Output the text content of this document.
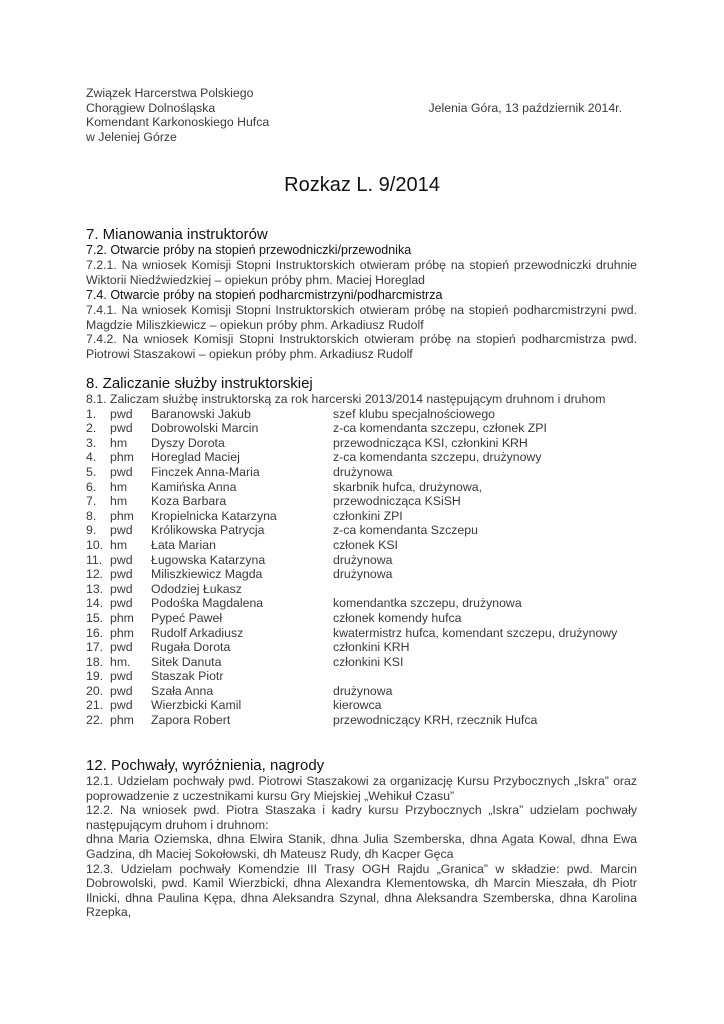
Związek Harcerstwa Polskiego
Chorągiew Dolnośląska
Komendant Karkonoskiego Hufca
w Jeleniej Górze
Jelenia Góra, 13 październik 2014r.
Rozkaz L. 9/2014
7. Mianowania instruktorów
7.2. Otwarcie próby na stopień przewodniczki/przewodnika

7.2.1. Na wniosek Komisji Stopni Instruktorskich otwieram próbę na stopień przewodniczki druhnie Wiktorii Niedźwiedzkiej – opiekun próby phm. Maciej Horeglad

7.4. Otwarcie próby na stopień podharcmistrzyni/podharcmistrza

7.4.1. Na wniosek Komisji Stopni Instruktorskich otwieram próbę na stopień podharcmistrzyni pwd. Magdzie Miliszkiewicz – opiekun próby phm. Arkadiusz Rudolf

7.4.2. Na wniosek Komisji Stopni Instruktorskich otwieram próbę na stopień podharcmistrza pwd. Piotrowi Staszakowi – opiekun próby phm. Arkadiusz Rudolf

8. Zaliczanie służby instruktorskiej

8.1. Zaliczam służbę instruktorską za rok harcerski 2013/2014 następującym druhnom i druhom

1.	pwd	Baranowski Jakub	szef klubu specjalnościowego
2.	pwd	Dobrowolski Marcin	z-ca komendanta szczepu, członek ZPI
3.	hm	Dyszy Dorota	przewodnicząca KSI, członkini KRH
4.	phm	Horeglad Maciej	z-ca komendanta szczepu, drużynowy
5.	pwd	Finczek Anna-Maria	drużynowa
6.	hm	Kamińska Anna	skarbnik hufca, drużynowa,
7.	hm	Koza Barbara	przewodnicząca KSiSH
8.	phm	Kropielnicka Katarzyna	członkini ZPI
9.	pwd	Królikowska Patrycja	z-ca komendanta Szczepu
10. hm	Łata Marian	członek KSI
11. pwd	Ługowska Katarzyna	drużynowa
12. pwd	Miliszkiewicz Magda	drużynowa
13. pwd	Ododziej Łukasz
14. pwd	Podośka Magdalena	komendantka szczepu, drużynowa
15. phm	Pypeć Paweł	członek komendy hufca
16. phm	Rudolf Arkadiusz	kwatermistrz hufca, komendant szczepu, drużynowy
17. pwd	Rugała Dorota	członkini KRH
18. hm.	Sitek Danuta	członkini KSI
19. pwd	Staszak Piotr
20. pwd	Szała Anna	drużynowa
21. pwd	Wierzbicki Kamil	kierowca
22. phm	Zapora Robert	przewodniczący KRH, rzecznik Hufca
12. Pochwały, wyróżnienia, nagrody

12.1. Udzielam pochwały pwd. Piotrowi Staszakowi za organizację Kursu Przybocznych „Iskra” oraz poprowadzenie z uczestnikami kursu Gry Miejskiej „Wehikuł Czasu”

12.2. Na wniosek pwd. Piotra Staszaka i kadry kursu Przybocznych „Iskra” udzielam pochwały następującym druhom i druhnom:

dhna Maria Oziemska, dhna Elwira Stanik, dhna Julia Szemberska, dhna Agata Kowal, dhna Ewa Gadzina, dh Maciej Sokołowski, dh Mateusz Rudy, dh Kacper Gęca

12.3. Udzielam pochwały Komendzie III Trasy OGH Rajdu „Granica” w składzie: pwd. Marcin Dobrowolski, pwd. Kamil Wierzbicki, dhna Alexandra Klementowska, dh Marcin Mieszała, dh Piotr Ilnicki, dhna Paulina Kępa, dhna Aleksandra Szynal, dhna Aleksandra Szemberska, dhna Karolina Rzepka,
